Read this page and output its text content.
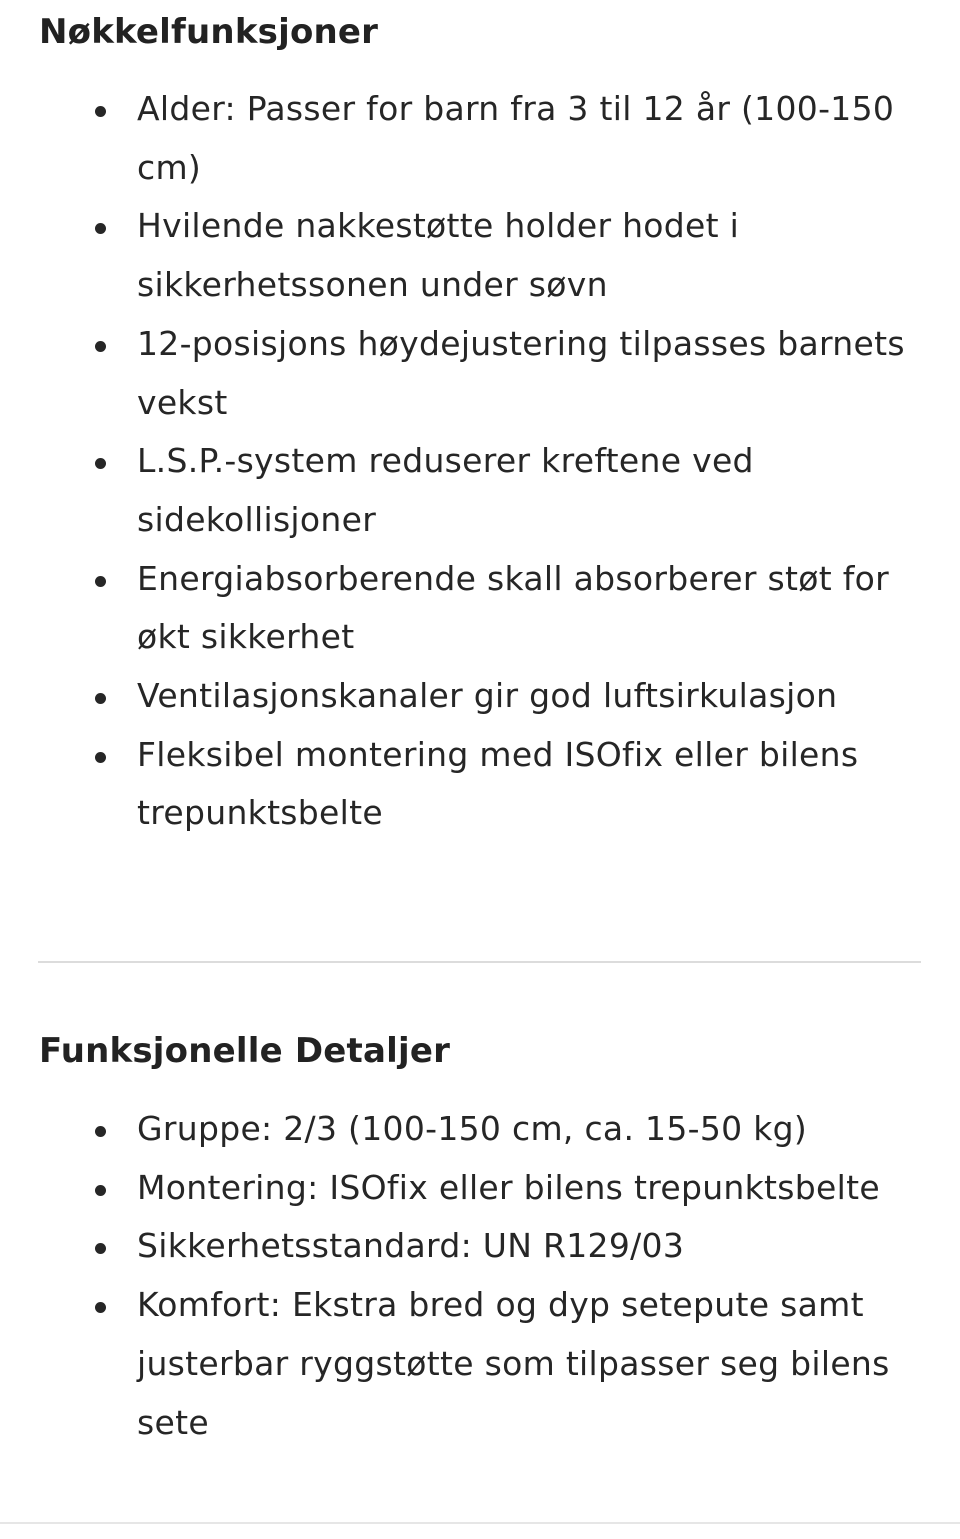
Nøkkelfunksjoner
Alder: Passer for barn fra 3 til 12 år (100-150 cm)
Hvilende nakkestøtte holder hodet i sikkerhetssonen under søvn
12-posisjons høydejustering tilpasses barnets vekst
L.S.P.-system reduserer kreftene ved sidekollisjoner
Energiabsorberende skall absorberer støt for økt sikkerhet
Ventilasjonskanaler gir god luftsirkulasjon
Fleksibel montering med ISOfix eller bilens trepunktsbelte
Funksjonelle Detaljer
Gruppe: 2/3 (100-150 cm, ca. 15-50 kg)
Montering: ISOfix eller bilens trepunktsbelte
Sikkerhetsstandard: UN R129/03
Komfort: Ekstra bred og dyp setepute samt justerbar ryggstøtte som tilpasser seg bilens sete
